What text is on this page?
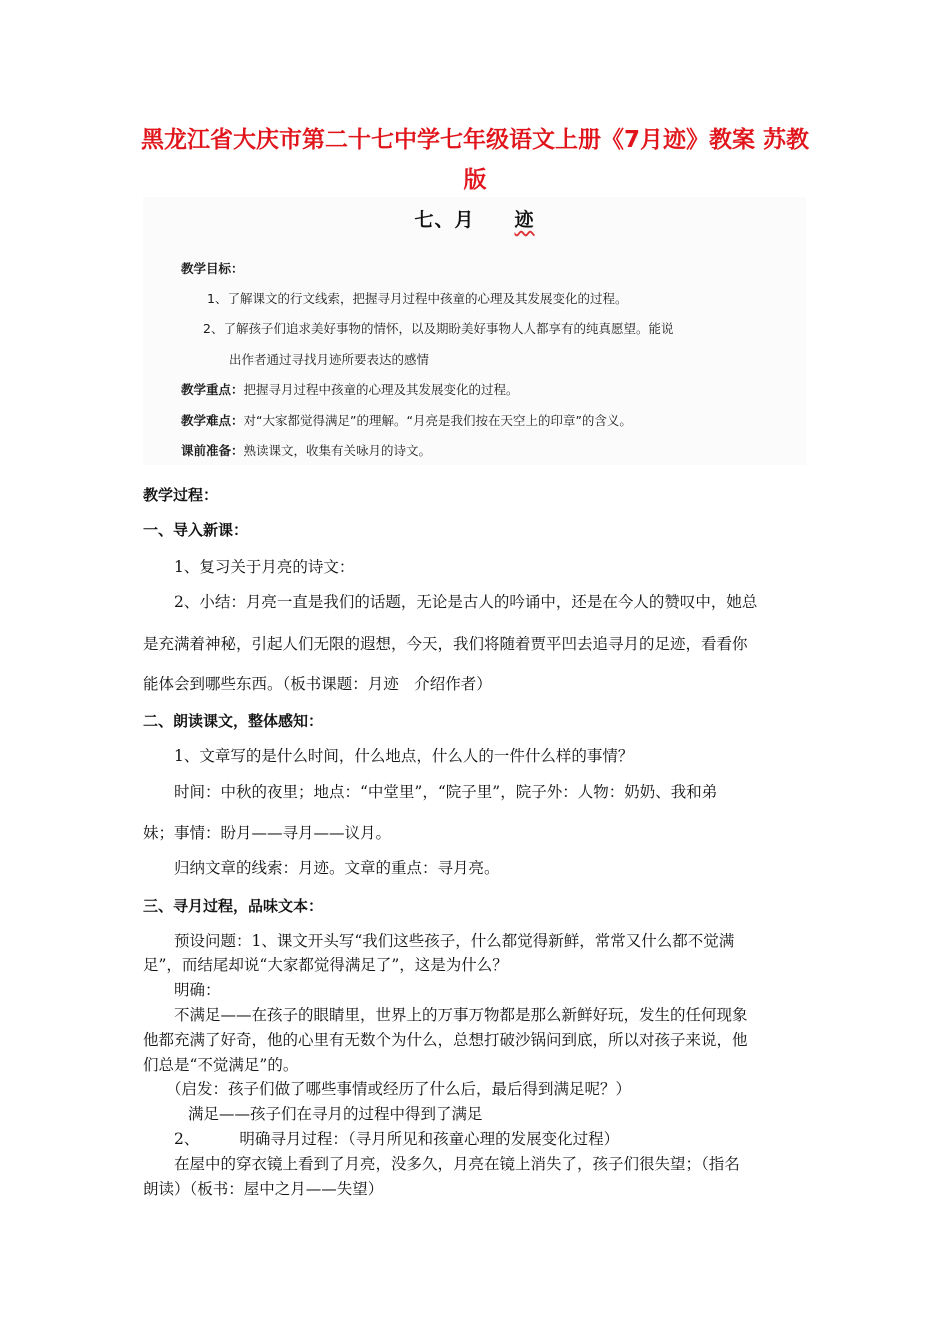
黑龙江省大庆市第二十七中学七年级语文上册《7月迹》教案 苏教
版
七、月 迹
教学目标：
1、了解课文的行文线索，把握寻月过程中孩童的心理及其发展变化的过程。
2、了解孩子们追求美好事物的情怀，以及期盼美好事物人人都享有的纯真愿望。能说
出作者通过寻找月迹所要表达的感情
教学重点：把握寻月过程中孩童的心理及其发展变化的过程。
教学难点：对“大家都觉得满足”的理解。“月亮是我们按在天空上的印章”的含义。
课前准备：熟读课文，收集有关咏月的诗文。
教学过程：
一、导入新课：
1、复习关于月亮的诗文：
2、小结：月亮一直是我们的话题，无论是古人的吟诵中，还是在今人的赞叹中，她总
是充满着神秘，引起人们无限的遐想，今天，我们将随着贾平凹去追寻月的足迹，看看你
能体会到哪些东西。（板书课题：月迹　介绍作者）
二、朗读课文，整体感知：
1、文章写的是什么时间，什么地点，什么人的一件什么样的事情？
时间：中秋的夜里；地点：“中堂里”，“院子里”，院子外：人物：奶奶、我和弟
妹；事情：盼月——寻月——议月。
归纳文章的线索：月迹。文章的重点：寻月亮。
三、寻月过程，品味文本：
预设问题：1、课文开头写“我们这些孩子，什么都觉得新鲜，常常又什么都不觉满
足”，而结尾却说“大家都觉得满足了”，这是为什么？
明确：
不满足——在孩子的眼睛里，世界上的万事万物都是那么新鲜好玩，发生的任何现象
他都充满了好奇，他的心里有无数个为什么，总想打破沙锅问到底，所以对孩子来说，他
们总是“不觉满足”的。
（启发：孩子们做了哪些事情或经历了什么后，最后得到满足呢？）
满足——孩子们在寻月的过程中得到了满足
2、	明确寻月过程：（寻月所见和孩童心理的发展变化过程）
在屋中的穿衣镜上看到了月亮，没多久，月亮在镜上消失了，孩子们很失望；（指名
朗读）（板书：屋中之月——失望）
